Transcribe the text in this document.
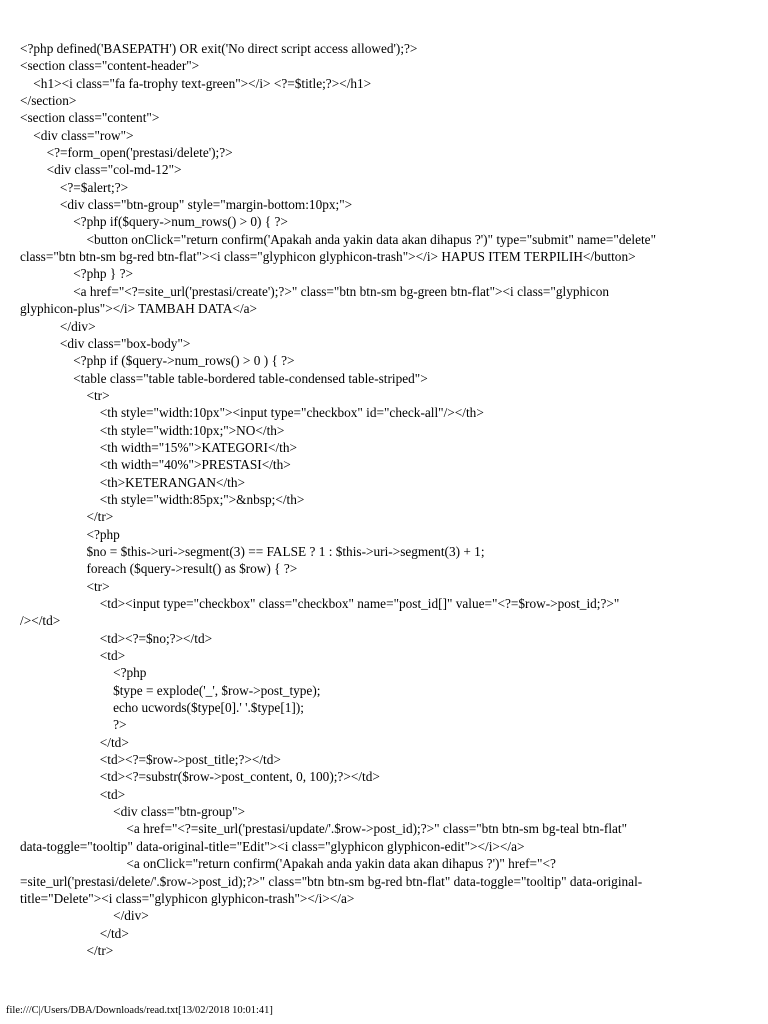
<?php defined('BASEPATH') OR exit('No direct script access allowed');?>
<section class="content-header">
<h1><i class="fa fa-trophy text-green"></i> <?=$title;?></h1>
</section>
<section class="content">
<div class="row">
<?=form_open('prestasi/delete');?>
<div class="col-md-12">
<?=$alert;?>
<div class="btn-group" style="margin-bottom:10px;">
<?php if($query->num_rows() > 0) { ?>
<button onClick="return confirm('Apakah anda yakin data akan dihapus ?')" type="submit" name="delete"
class="btn btn-sm bg-red btn-flat"><i class="glyphicon glyphicon-trash"></i> HAPUS ITEM TERPILIH</button>
<?php } ?>
<a href="<?=site_url('prestasi/create');?>" class="btn btn-sm bg-green btn-flat"><i class="glyphicon
glyphicon-plus"></i> TAMBAH DATA</a>
</div>
<div class="box-body">
<?php if ($query->num_rows() > 0 ) { ?>
<table class="table table-bordered table-condensed table-striped">
<tr>
<th style="width:10px"><input type="checkbox" id="check-all"/></th>
<th style="width:10px;">NO</th>
<th width="15%">KATEGORI</th>
<th width="40%">PRESTASI</th>
<th>KETERANGAN</th>
<th style="width:85px;">&nbsp;</th>
</tr>
<?php
$no = $this->uri->segment(3) == FALSE ? 1 : $this->uri->segment(3) + 1;
foreach ($query->result() as $row) { ?>
<tr>
<td><input type="checkbox" class="checkbox" name="post_id[]" value="<?=$row->post_id;?>"
/></td>
<td><?=$no;?></td>
<td>
<?php
$type = explode('_', $row->post_type);
echo ucwords($type[0].' '.$type[1]);
?>
</td>
<td><?=$row->post_title;?></td>
<td><?=substr($row->post_content, 0, 100);?></td>
<td>
<div class="btn-group">
<a href="<?=site_url('prestasi/update/'.$row->post_id);?>" class="btn btn-sm bg-teal btn-flat"
data-toggle="tooltip" data-original-title="Edit"><i class="glyphicon glyphicon-edit"></i></a>
<a onClick="return confirm('Apakah anda yakin data akan dihapus ?')" href="<?
=site_url('prestasi/delete/'.$row->post_id);?>" class="btn btn-sm bg-red btn-flat" data-toggle="tooltip" data-original-
title="Delete"><i class="glyphicon glyphicon-trash"></i></a>
</div>
</td>
</tr>
file:///C|/Users/DBA/Downloads/read.txt[13/02/2018 10:01:41]
